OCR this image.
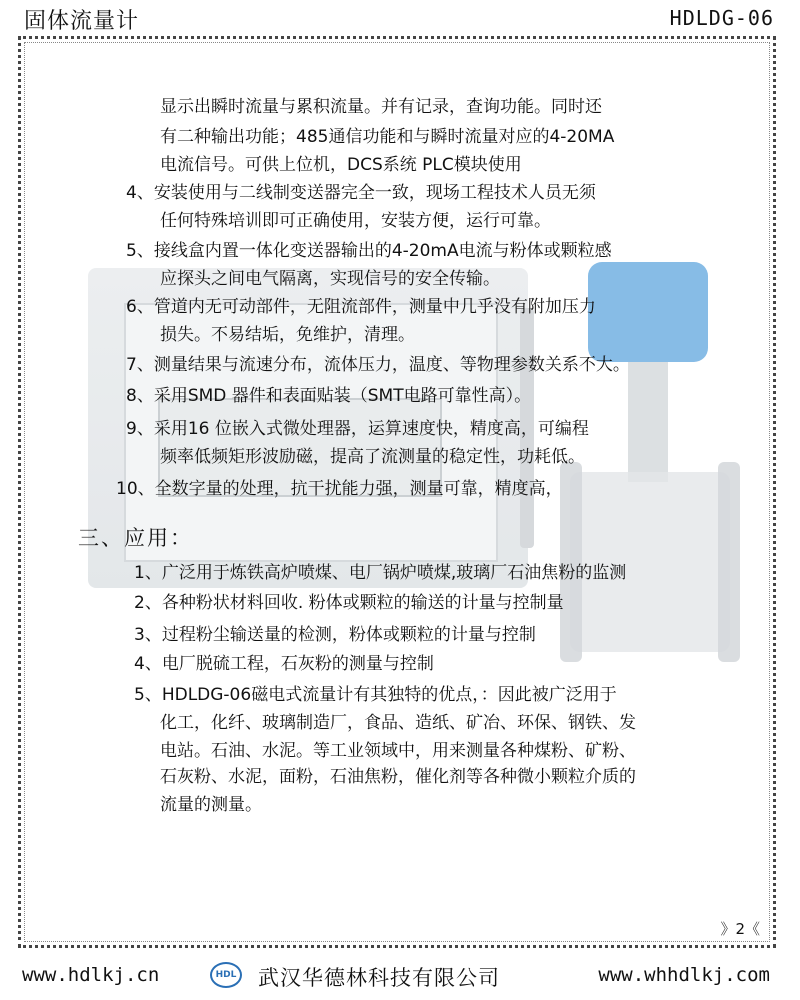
固体流量计	HDLDG-06
显示出瞬时流量与累积流量。并有记录，查询功能。同时还
有二种输出功能；485通信功能和与瞬时流量对应的4-20MA
电流信号。可供上位机，DCS系统 PLC模块使用
4、安装使用与二线制变送器完全一致，现场工程技术人员无须
任何特殊培训即可正确使用，安装方便，运行可靠。
5、接线盒内置一体化变送器输出的4-20mA电流与粉体或颗粒感
应探头之间电气隔离，实现信号的安全传输。
6、管道内无可动部件，无阻流部件，测量中几乎没有附加压力
损失。不易结垢，免维护，清理。
7、测量结果与流速分布，流体压力，温度、等物理参数关系不大。
8、采用SMD 器件和表面贴装（SMT电路可靠性高）。
9、采用16 位嵌入式微处理器，运算速度快，精度高，可编程
频率低频矩形波励磁，提高了流测量的稳定性，功耗低。
10、全数字量的处理，抗干扰能力强，测量可靠，精度高，
三、应用：
1、广泛用于炼铁高炉喷煤、电厂锅炉喷煤,玻璃厂石油焦粉的监测
2、各种粉状材料回收. 粉体或颗粒的输送的计量与控制量
3、过程粉尘输送量的检测，粉体或颗粒的计量与控制
4、电厂脱硫工程，石灰粉的测量与控制
5、HDLDG-06磁电式流量计有其独特的优点，：因此被广泛用于
化工，化纤、玻璃制造厂，食品、造纸、矿冶、环保、钢铁、发
电站。石油、水泥。等工业领域中，用来测量各种煤粉、矿粉、
石灰粉、水泥，面粉，石油焦粉，催化剂等各种微小颗粒介质的
流量的测量。
》2《
www.hdlkj.cn	HDL 武汉华德林科技有限公司	www.whhdlkj.com
